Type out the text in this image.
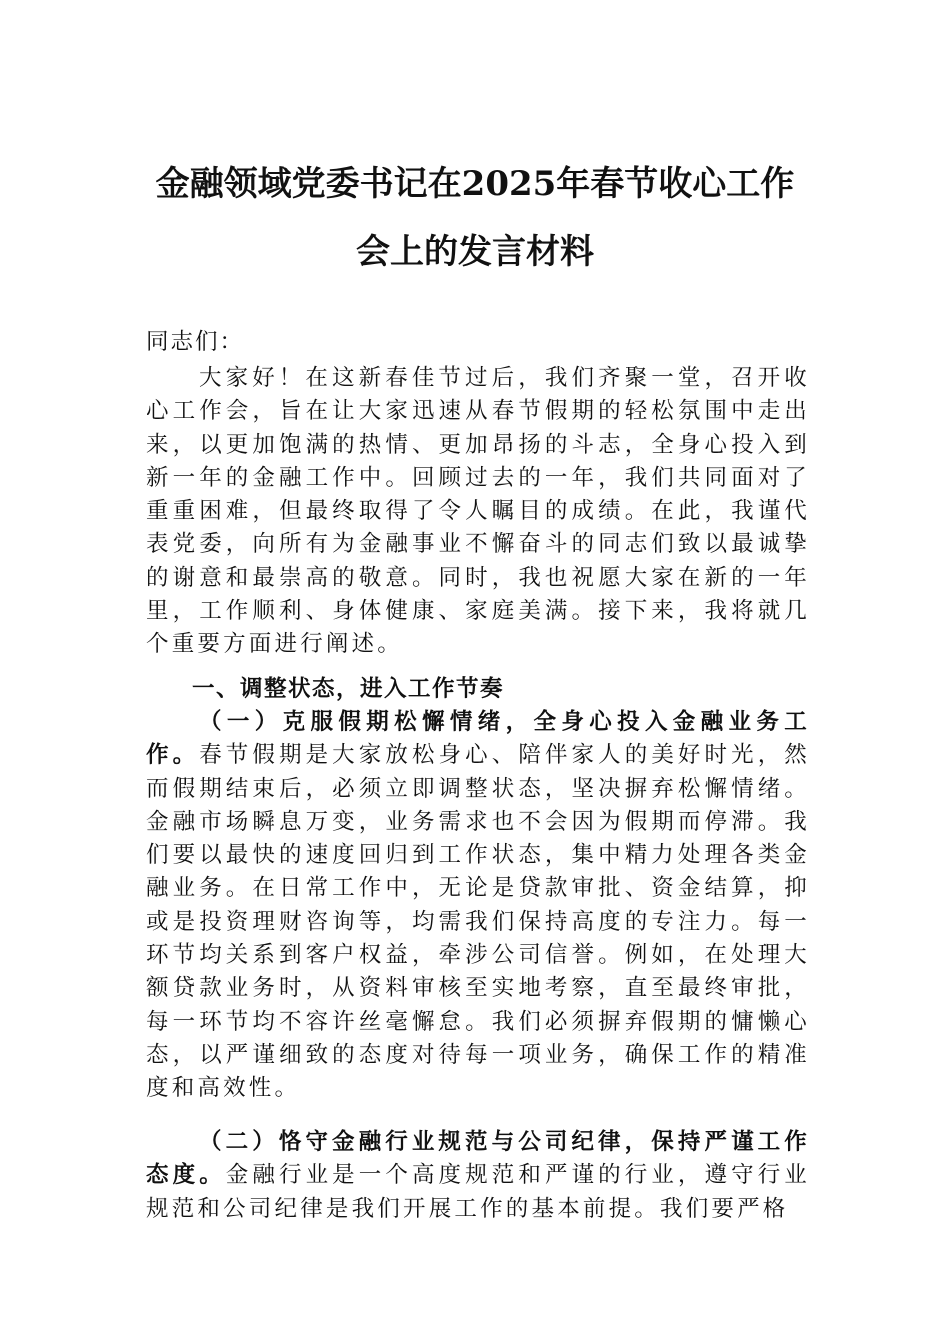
金融领域党委书记在2025年春节收心工作
会上的发言材料

同志们：

大家好！在这新春佳节过后，我们齐聚一堂，召开收心工作会，旨在让大家迅速从春节假期的轻松氛围中走出来，以更加饱满的热情、更加昂扬的斗志，全身心投入到新一年的金融工作中。回顾过去的一年，我们共同面对了重重困难，但最终取得了令人瞩目的成绩。在此，我谨代表党委，向所有为金融事业不懈奋斗的同志们致以最诚挚的谢意和最崇高的敬意。同时，我也祝愿大家在新的一年里，工作顺利、身体健康、家庭美满。接下来，我将就几个重要方面进行阐述。

一、调整状态，进入工作节奏

（一）克服假期松懈情绪，全身心投入金融业务工作。春节假期是大家放松身心、陪伴家人的美好时光，然而假期结束后，必须立即调整状态，坚决摒弃松懈情绪。金融市场瞬息万变，业务需求也不会因为假期而停滞。我们要以最快的速度回归到工作状态，集中精力处理各类金融业务。在日常工作中，无论是贷款审批、资金结算，抑或是投资理财咨询等，均需我们保持高度的专注力。每一环节均关系到客户权益，牵涉公司信誉。例如，在处理大额贷款业务时，从资料审核至实地考察，直至最终审批，每一环节均不容许丝毫懈怠。我们必须摒弃假期的慵懒心态，以严谨细致的态度对待每一项业务，确保工作的精准度和高效性。

（二）恪守金融行业规范与公司纪律，保持严谨工作态度。金融行业是一个高度规范和严谨的行业，遵守行业规范和公司纪律是我们开展工作的基本前提。我们要严格
